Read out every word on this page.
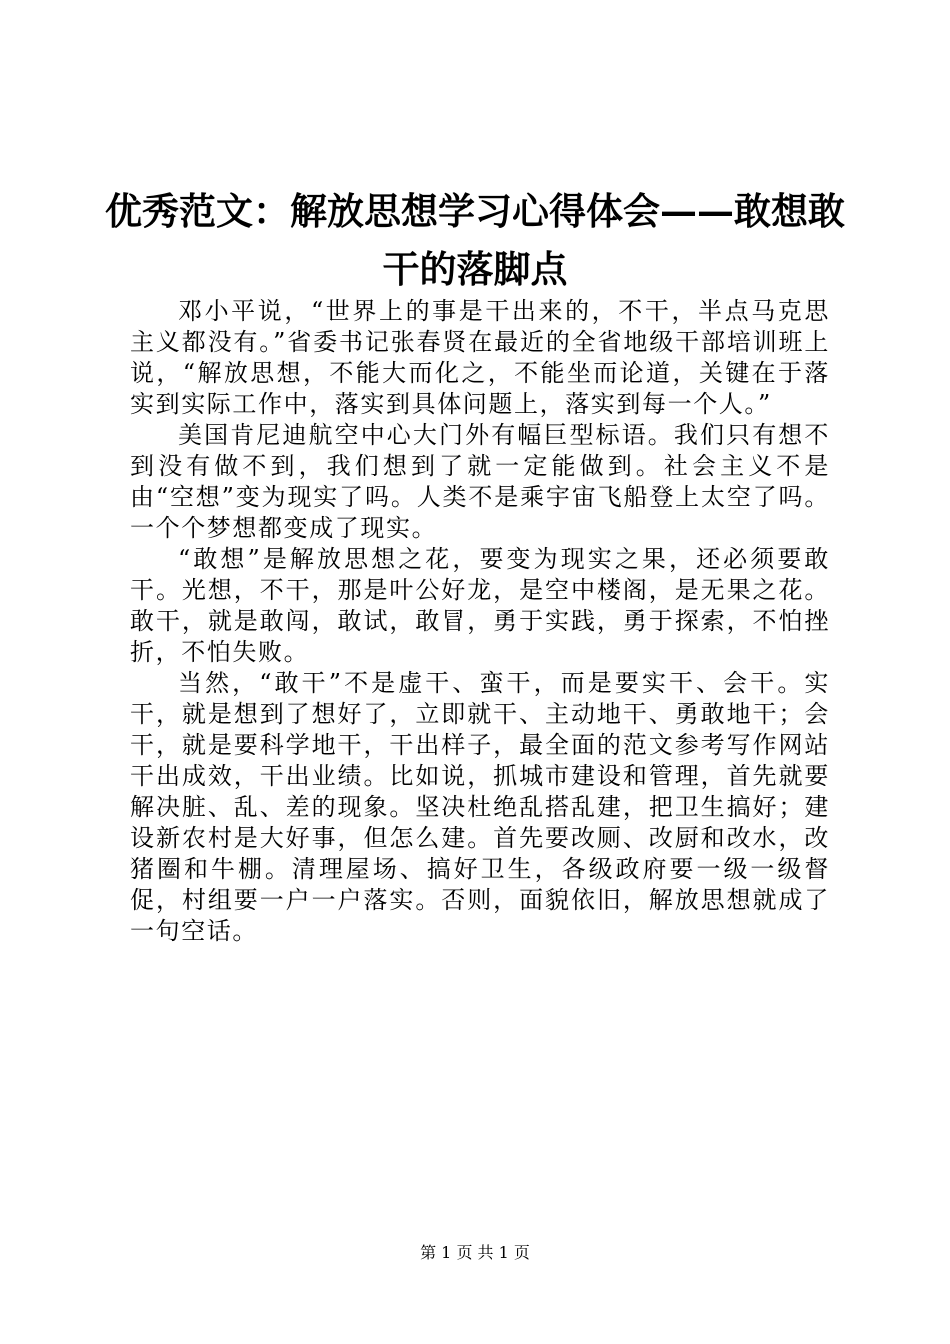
优秀范文：解放思想学习心得体会——敢想敢干的落脚点

邓小平说，“世界上的事是干出来的，不干，半点马克思主义都没有。”省委书记张春贤在最近的全省地级干部培训班上说，“解放思想，不能大而化之，不能坐而论道，关键在于落实到实际工作中，落实到具体问题上，落实到每一个人。”

美国肯尼迪航空中心大门外有幅巨型标语。我们只有想不到没有做不到，我们想到了就一定能做到。社会主义不是由“空想”变为现实了吗。人类不是乘宇宙飞船登上太空了吗。一个个梦想都变成了现实。

“敢想”是解放思想之花，要变为现实之果，还必须要敢干。光想，不干，那是叶公好龙，是空中楼阁，是无果之花。敢干，就是敢闯，敢试，敢冒，勇于实践，勇于探索，不怕挫折，不怕失败。

当然，“敢干”不是虚干、蛮干，而是要实干、会干。实干，就是想到了想好了，立即就干、主动地干、勇敢地干；会干，就是要科学地干，干出样子，最全面的范文参考写作网站干出成效，干出业绩。比如说，抓城市建设和管理，首先就要解决脏、乱、差的现象。坚决杜绝乱搭乱建，把卫生搞好；建设新农村是大好事，但怎么建。首先要改厕、改厨和改水，改猪圈和牛棚。清理屋场、搞好卫生，各级政府要一级一级督促，村组要一户一户落实。否则，面貌依旧，解放思想就成了一句空话。

第 1 页 共 1 页
